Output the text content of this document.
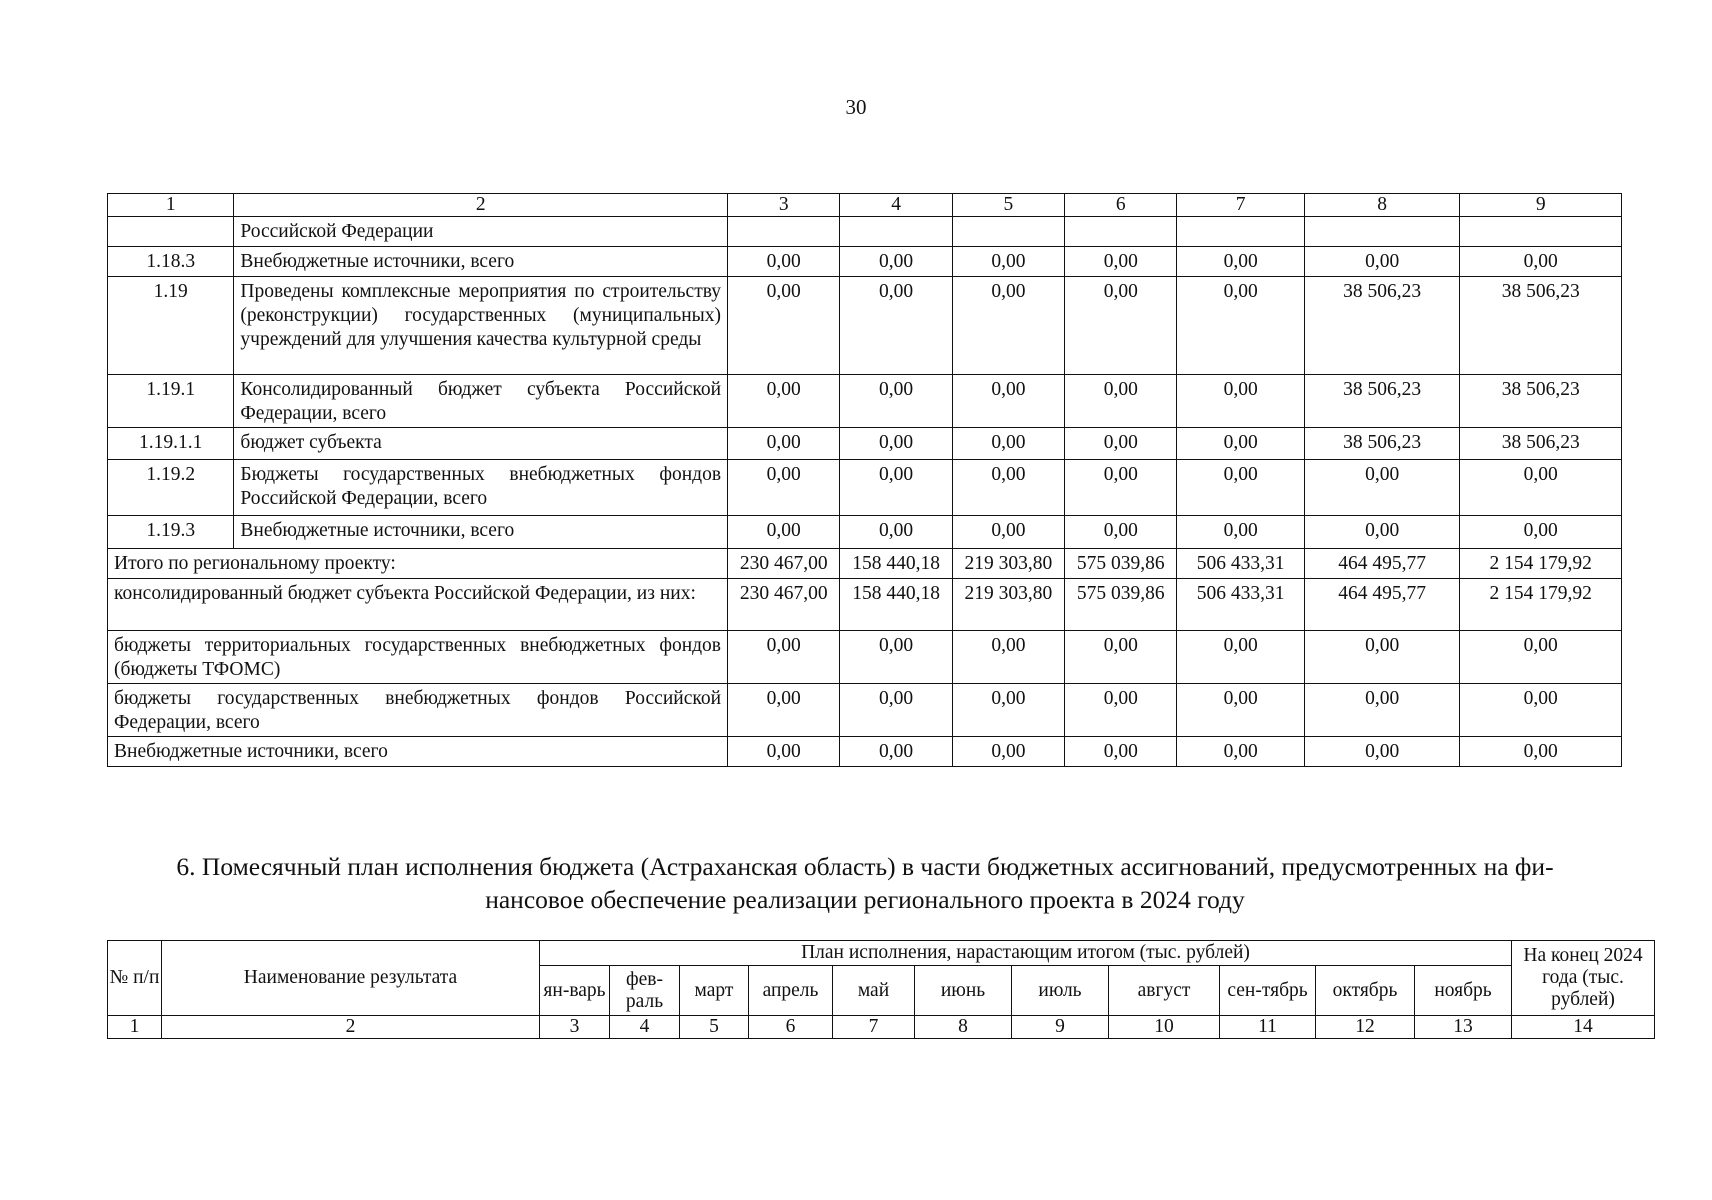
30
1	2	3	4	5	6	7	8	9
	Российской Федерации							
1.18.3	Внебюджетные источники, всего	0,00	0,00	0,00	0,00	0,00	0,00	0,00
1.19	Проведены комплексные мероприятия по строительству (реконструкции) государственных (муниципальных) учреждений для улучшения качества культурной среды	0,00	0,00	0,00	0,00	0,00	38 506,23	38 506,23
1.19.1	Консолидированный бюджет субъекта Российской Федерации, всего	0,00	0,00	0,00	0,00	0,00	38 506,23	38 506,23
1.19.1.1	бюджет субъекта	0,00	0,00	0,00	0,00	0,00	38 506,23	38 506,23
1.19.2	Бюджеты государственных внебюджетных фондов Российской Федерации, всего	0,00	0,00	0,00	0,00	0,00	0,00	0,00
1.19.3	Внебюджетные источники, всего	0,00	0,00	0,00	0,00	0,00	0,00	0,00
Итого по региональному проекту:		230 467,00	158 440,18	219 303,80	575 039,86	506 433,31	464 495,77	2 154 179,92
консолидированный бюджет субъекта Российской Федерации, из них:		230 467,00	158 440,18	219 303,80	575 039,86	506 433,31	464 495,77	2 154 179,92
бюджеты территориальных государственных внебюджетных фондов (бюджеты ТФОМС)		0,00	0,00	0,00	0,00	0,00	0,00	0,00
бюджеты государственных внебюджетных фондов Российской Федерации, всего		0,00	0,00	0,00	0,00	0,00	0,00	0,00
Внебюджетные источники, всего		0,00	0,00	0,00	0,00	0,00	0,00	0,00
6. Помесячный план исполнения бюджета (Астраханская область) в части бюджетных ассигнований, предусмотренных на фи-
нансовое обеспечение реализации регионального проекта в 2024 году
№ п/п	Наименование результата	План исполнения, нарастающим итогом (тыс. рублей)											На конец 2024 года (тыс. рублей)
		ян-варь	фев-раль	март	апрель	май	июнь	июль	август	сен-тябрь	октябрь	ноябрь	
1	2	3	4	5	6	7	8	9	10	11	12	13	14
